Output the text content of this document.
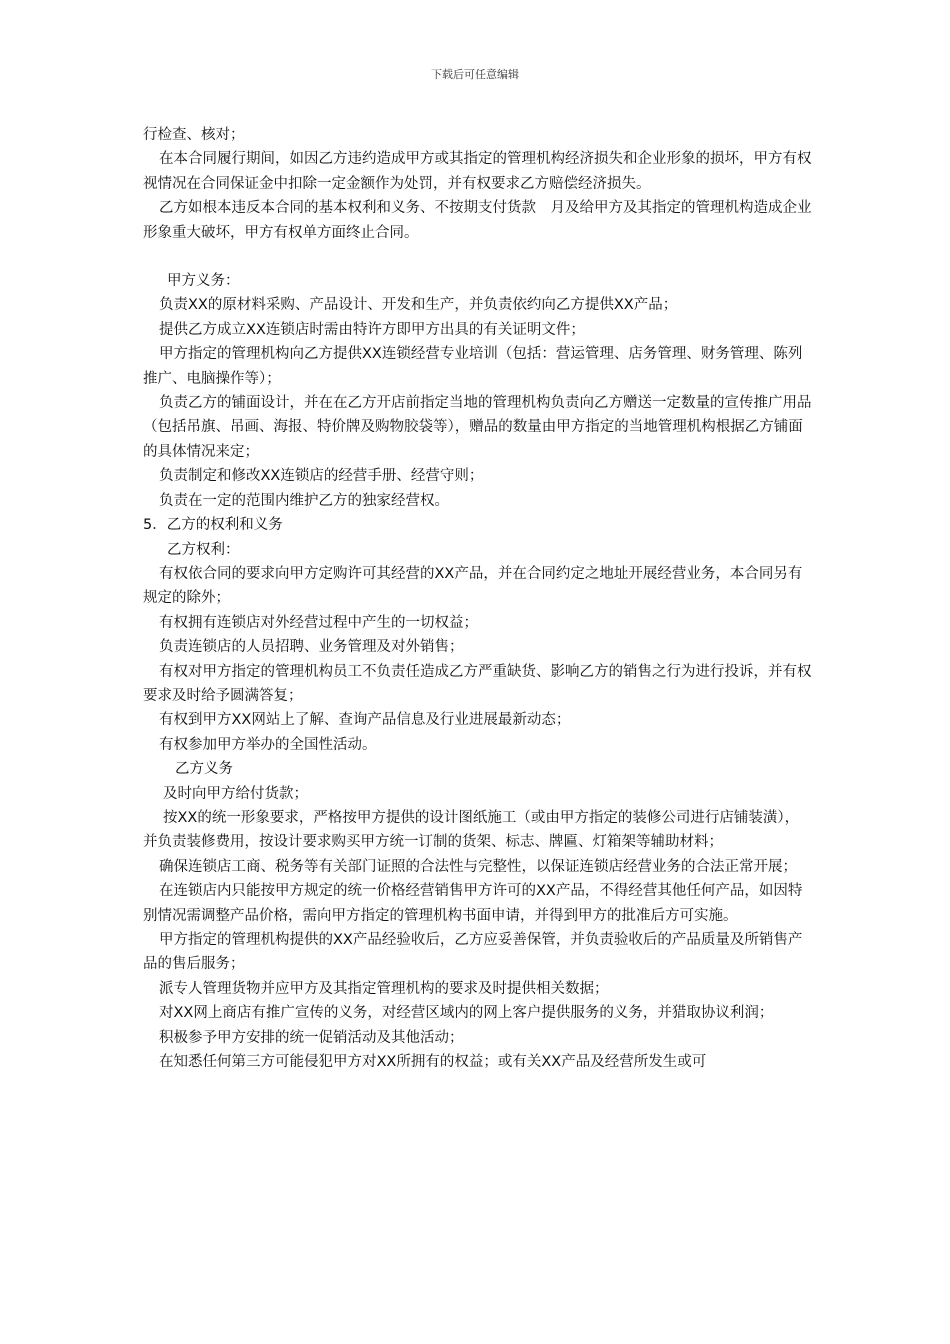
下载后可任意编辑

行检查、核对；

在本合同履行期间，如因乙方违约造成甲方或其指定的管理机构经济损失和企业形象的损坏，甲方有权视情况在合同保证金中扣除一定金额作为处罚，并有权要求乙方赔偿经济损失。

乙方如根本违反本合同的基本权利和义务、不按期支付货款　月及给甲方及其指定的管理机构造成企业形象重大破坏，甲方有权单方面终止合同。

甲方义务：

负责XX的原材料采购、产品设计、开发和生产，并负责依约向乙方提供XX产品；

提供乙方成立XX连锁店时需由特许方即甲方出具的有关证明文件；

甲方指定的管理机构向乙方提供XX连锁经营专业培训（包括：营运管理、店务管理、财务管理、陈列推广、电脑操作等）；

负责乙方的铺面设计，并在在乙方开店前指定当地的管理机构负责向乙方赠送一定数量的宣传推广用品（包括吊旗、吊画、海报、特价牌及购物胶袋等），赠品的数量由甲方指定的当地管理机构根据乙方铺面的具体情况来定；

负责制定和修改XX连锁店的经营手册、经营守则；

负责在一定的范围内维护乙方的独家经营权。

5．乙方的权利和义务

乙方权利：

有权依合同的要求向甲方定购许可其经营的XX产品，并在合同约定之地址开展经营业务，本合同另有规定的除外；

有权拥有连锁店对外经营过程中产生的一切权益；

负责连锁店的人员招聘、业务管理及对外销售；

有权对甲方指定的管理机构员工不负责任造成乙方严重缺货、影响乙方的销售之行为进行投诉，并有权要求及时给予圆满答复；

有权到甲方XX网站上了解、查询产品信息及行业进展最新动态；

有权参加甲方举办的全国性活动。

乙方义务

及时向甲方给付货款；

按XX的统一形象要求，严格按甲方提供的设计图纸施工（或由甲方指定的装修公司进行店铺装潢），并负责装修费用，按设计要求购买甲方统一订制的货架、标志、牌匾、灯箱架等辅助材料；

确保连锁店工商、税务等有关部门证照的合法性与完整性，以保证连锁店经营业务的合法正常开展；

在连锁店内只能按甲方规定的统一价格经营销售甲方许可的XX产品，不得经营其他任何产品，如因特别情况需调整产品价格，需向甲方指定的管理机构书面申请，并得到甲方的批准后方可实施。

甲方指定的管理机构提供的XX产品经验收后，乙方应妥善保管，并负责验收后的产品质量及所销售产品的售后服务；

派专人管理货物并应甲方及其指定管理机构的要求及时提供相关数据；

对XX网上商店有推广宣传的义务，对经营区域内的网上客户提供服务的义务，并猎取协议利润；

积极参予甲方安排的统一促销活动及其他活动；

在知悉任何第三方可能侵犯甲方对XX所拥有的权益；或有关XX产品及经营所发生或可
